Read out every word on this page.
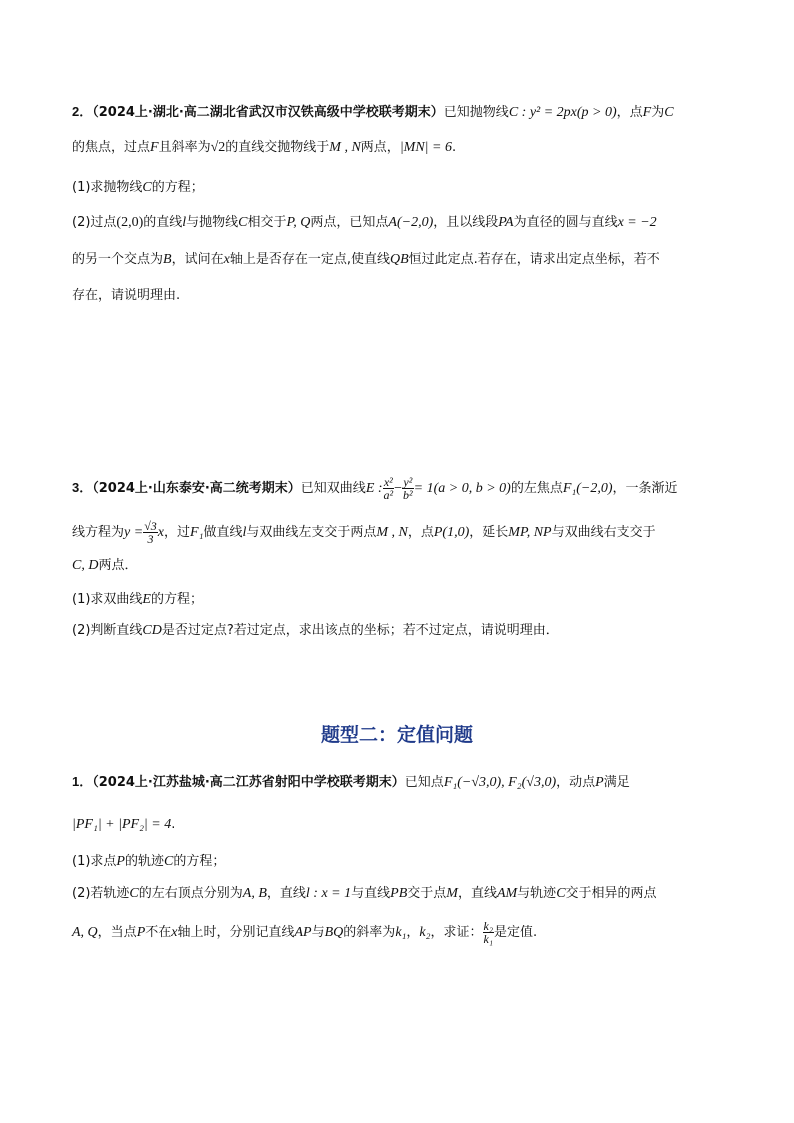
2．（2024上·湖北·高二湖北省武汉市汉铁高级中学校联考期末）已知抛物线C : y² = 2px(p > 0)，点F为C
的焦点，过点F且斜率为√2的直线交抛物线于M , N两点，|MN| = 6.
(1)求抛物线C的方程；
(2)过点(2,0)的直线l与抛物线C相交于P, Q两点，已知点A(−2,0)，且以线段PA为直径的圆与直线x = −2
的另一个交点为B，试问在x轴上是否存在一定点,使直线QB恒过此定点.若存在，请求出定点坐标，若不
存在，请说明理由.
3．（2024上·山东泰安·高二统考期末）已知双曲线E : $\frac{\text{x²}}{\text{a²}} - \frac{\text{y²}}{\text{b²}} = 1(a > 0$, b > 0)的左焦点F₁(−2,0)，一条渐近
线方程为$y = \frac{√3}{3}$ x，过F₁做直线l与双曲线左支交于两点M , N，点P(1,0)，延长MP, NP与双曲线右支交于
C, D两点．
(1)求双曲线E的方程；
(2)判断直线CD是否过定点?若过定点，求出该点的坐标；若不过定点，请说明理由．
题型二：定值问题
1．（2024上·江苏盐城·高二江苏省射阳中学校联考期末）已知点F₁(−√3,0), F₂(√3,0)，动点P满足
|PF₁| + |PF₂| = 4.
(1)求点P的轨迹C的方程；
(2)若轨迹C的左右顶点分别为A, B，直线l : x = 1与直线PB交于点M，直线AM与轨迹C交于相异的两点
A, Q，当点P不在x轴上时，分别记直线AP与BQ的斜率为k₁，k₂，求证： $\frac{\text{k₂}}{\text{k₁}}$ 是定值.
